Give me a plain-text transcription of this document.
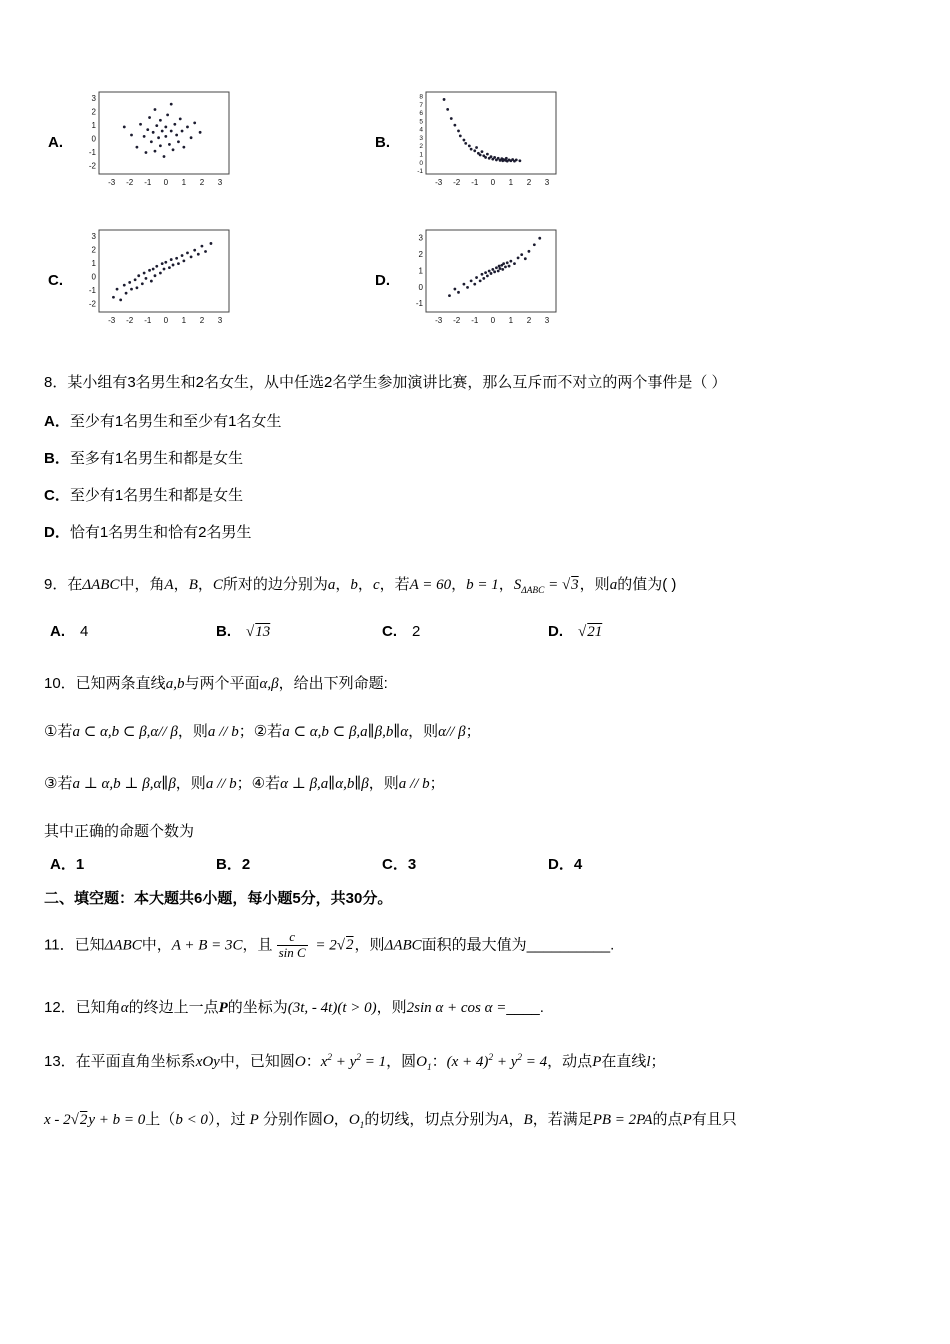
A.
3
2
1
0
-1
-2
-3 -2 -1 0 1 2 3
B.
8
7
6
5
4
3
2
1
0
-1
-3 -2 -1 0 1 2 3
C.
3
2
1
0
-1
-2
-3 -2 -1 0 1 2 3
D.
3
2
1
0
-1
-3 -2 -1 0 1 2 3
8．某小组有3名男生和2名女生，从中任选2名学生参加演讲比赛，那么互斥而不对立的两个事件是（ ）
A．至少有1名男生和至少有1名女生
B．至多有1名男生和都是女生
C．至少有1名男生和都是女生
D．恰有1名男生和恰有2名男生
9．在ΔABC中，角A，B，C所对的边分别为a，b，c，若A = 60，b = 1，$S_{\Delta ABC} = √3$，则a的值为( )
A.　4	B.　 √13	C.　2	D.　 √21
10．已知两条直线a,b与两个平面α,β，给出下列命题:
①若a ⊂ α,b ⊂ β,α// β，则a // b；②若a ⊂ α,b ⊂ β,a∥β,b∥α，则α// β；
③若a ⊥ α,b ⊥ β,α∥β，则a // b；④若α ⊥ β,a∥α,b∥β，则a // b；
其中正确的命题个数为
A．1	B．2	C．3	D．4
二、填空题：本大题共6小题，每小题5分，共30分。
11．已知ΔABC中，A + B = 3C，且 $\frac{c}{\text{sin C}} = 2√2$，则ΔABC面积的最大值为__________.
12．已知角α的终边上一点P的坐标为(3t, - 4t)(t > 0)，则2sin α + cos α =____.
13．在平面直角坐标系xOy中，已知圆O：$x^2 + y^2 = 1$，圆$O_1$：$(x + 4)^2 + y^2 = 4$，动点P在直线l；
x - 2√2y + b = 0上（b < 0），过 P 分别作圆O，$O_1$的切线，切点分别为A，B，若满足PB = 2PA的点P有且只
